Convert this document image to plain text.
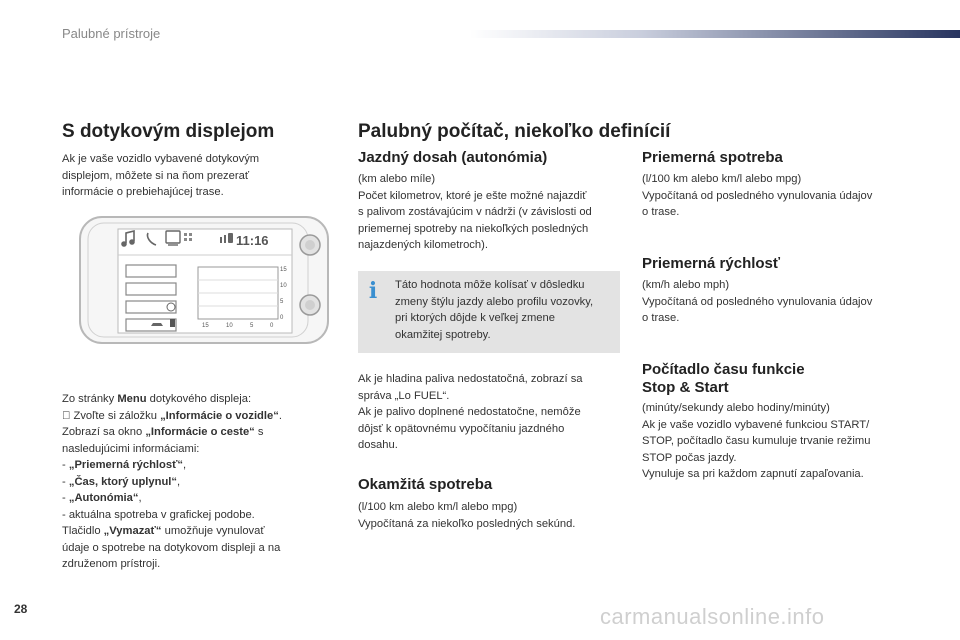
Palubné prístroje
S dotykovým displejom
Ak je vaše vozidlo vybavené dotykovým
displejom, môžete si na ňom prezerať
informácie o prebiehajúcej trase.
11:16
15
10
5
0
15	10	5	0
Zo stránky Menu dotykového displeja:
Zvoľte si záložku „Informácie o vozidle“.
Zobrazí sa okno „Informácie o ceste“ s
nasledujúcimi informáciami:
- „Priemerná rýchlosť“,
- „Čas, ktorý uplynul“,
- „Autonómia“,
- aktuálna spotreba v grafickej podobe.
Tlačidlo „Vymazať“ umožňuje vynulovať
údaje o spotrebe na dotykovom displeji a na
združenom prístroji.
Palubný počítač, niekoľko definícií
Jazdný dosah (autonómia)
(km alebo míle)
Počet kilometrov, ktoré je ešte možné najazdiť
s palivom zostávajúcim v nádrži (v závislosti od
priemernej spotreby na niekoľkých posledných
najazdených kilometroch).
i Táto hodnota môže kolísať v dôsledku
zmeny štýlu jazdy alebo profilu vozovky,
pri ktorých dôjde k veľkej zmene
okamžitej spotreby.
Ak je hladina paliva nedostatočná, zobrazí sa
správa „Lo FUEL“.
Ak je palivo doplnené nedostatočne, nemôže
dôjsť k opätovnému vypočítaniu jazdného
dosahu.
Okamžitá spotreba
(l/100 km alebo km/l alebo mpg)
Vypočítaná za niekoľko posledných sekúnd.
Priemerná spotreba
(l/100 km alebo km/l alebo mpg)
Vypočítaná od posledného vynulovania údajov
o trase.
Priemerná rýchlosť
(km/h alebo mph)
Vypočítaná od posledného vynulovania údajov
o trase.
Počítadlo času funkcie
Stop & Start
(minúty/sekundy alebo hodiny/minúty)
Ak je vaše vozidlo vybavené funkciou START/
STOP, počítadlo času kumuluje trvanie režimu
STOP počas jazdy.
Vynuluje sa pri každom zapnutí zapaľovania.
28	carmanualsonline.info
